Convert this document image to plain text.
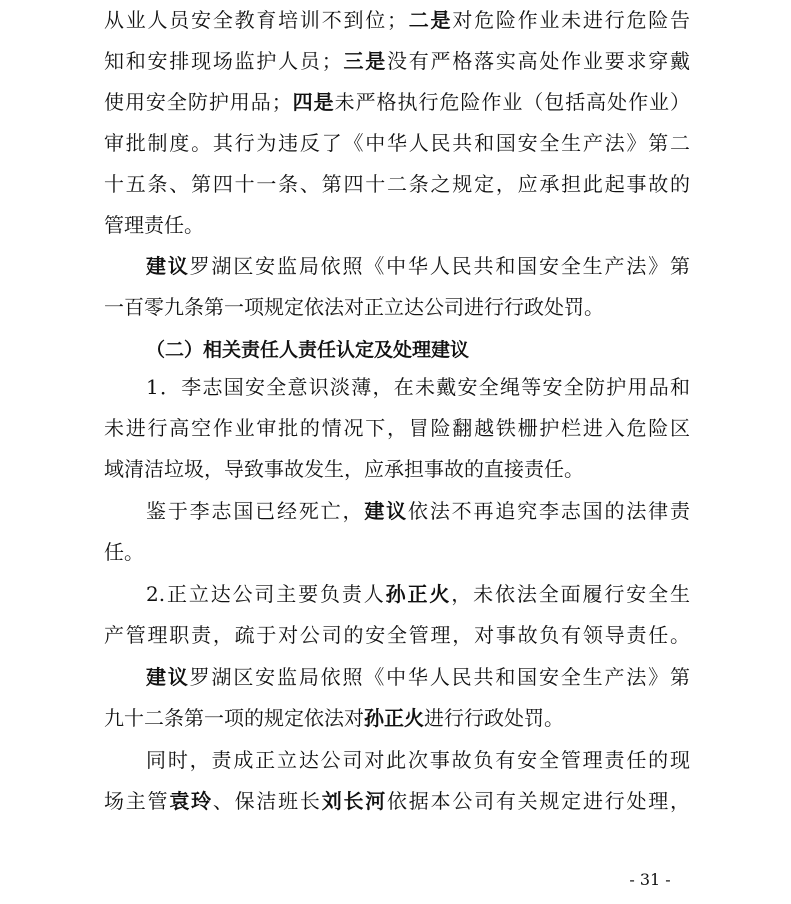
从业人员安全教育培训不到位；二是对危险作业未进行危险告
知和安排现场监护人员；三是没有严格落实高处作业要求穿戴
使用安全防护用品；四是未严格执行危险作业（包括高处作业）
审批制度。其行为违反了《中华人民共和国安全生产法》第二
十五条、第四十一条、第四十二条之规定，应承担此起事故的
管理责任。
建议罗湖区安监局依照《中华人民共和国安全生产法》第
一百零九条第一项规定依法对正立达公司进行行政处罚。
（二）相关责任人责任认定及处理建议
1．李志国安全意识淡薄，在未戴安全绳等安全防护用品和
未进行高空作业审批的情况下，冒险翻越铁栅护栏进入危险区
域清洁垃圾，导致事故发生，应承担事故的直接责任。
鉴于李志国已经死亡，建议依法不再追究李志国的法律责
任。
2.正立达公司主要负责人孙正火，未依法全面履行安全生
产管理职责，疏于对公司的安全管理，对事故负有领导责任。
建议罗湖区安监局依照《中华人民共和国安全生产法》第
九十二条第一项的规定依法对孙正火进行行政处罚。
同时，责成正立达公司对此次事故负有安全管理责任的现
场主管袁玲、保洁班长刘长河依据本公司有关规定进行处理，
- 31 -
